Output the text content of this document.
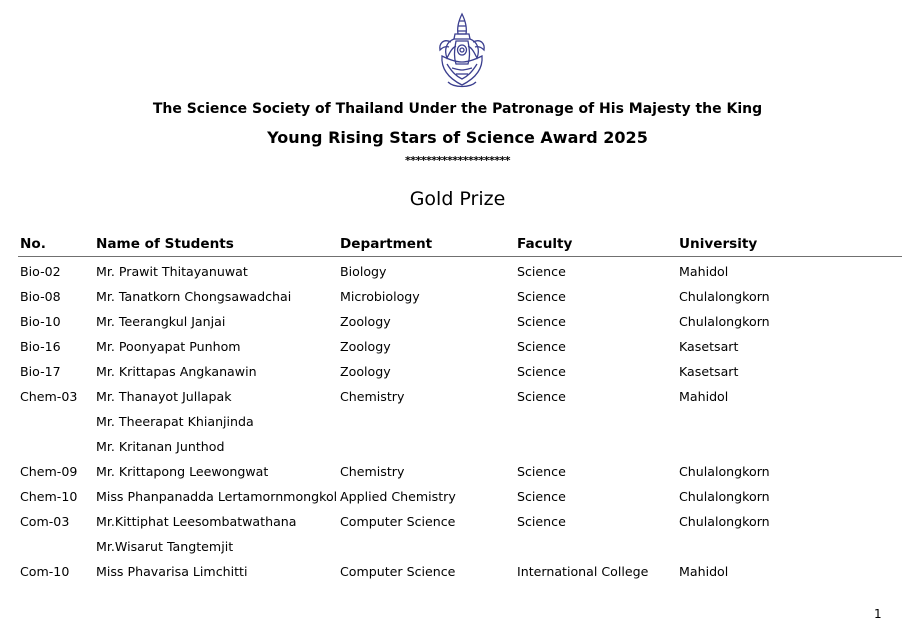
The Science Society of Thailand Under the Patronage of His Majesty the King
Young Rising Stars of Science Award 2025
********************
Gold Prize
No.	Name of Students	Department	Faculty	University
Bio-02	Mr. Prawit Thitayanuwat	Biology	Science	Mahidol
Bio-08	Mr. Tanatkorn Chongsawadchai	Microbiology	Science	Chulalongkorn
Bio-10	Mr. Teerangkul Janjai	Zoology	Science	Chulalongkorn
Bio-16	Mr. Poonyapat Punhom	Zoology	Science	Kasetsart
Bio-17	Mr. Krittapas Angkanawin	Zoology	Science	Kasetsart
Chem-03	Mr. Thanayot Jullapak	Chemistry	Science	Mahidol
	Mr. Theerapat Khianjinda			
	Mr. Kritanan Junthod			
Chem-09	Mr. Krittapong Leewongwat	Chemistry	Science	Chulalongkorn
Chem-10	Miss Phanpanadda Lertamornmongkol	Applied Chemistry	Science	Chulalongkorn
Com-03	Mr.Kittiphat Leesombatwathana	Computer Science	Science	Chulalongkorn
	Mr.Wisarut Tangtemjit			
Com-10	Miss Phavarisa Limchitti	Computer Science	International College	Mahidol
1
